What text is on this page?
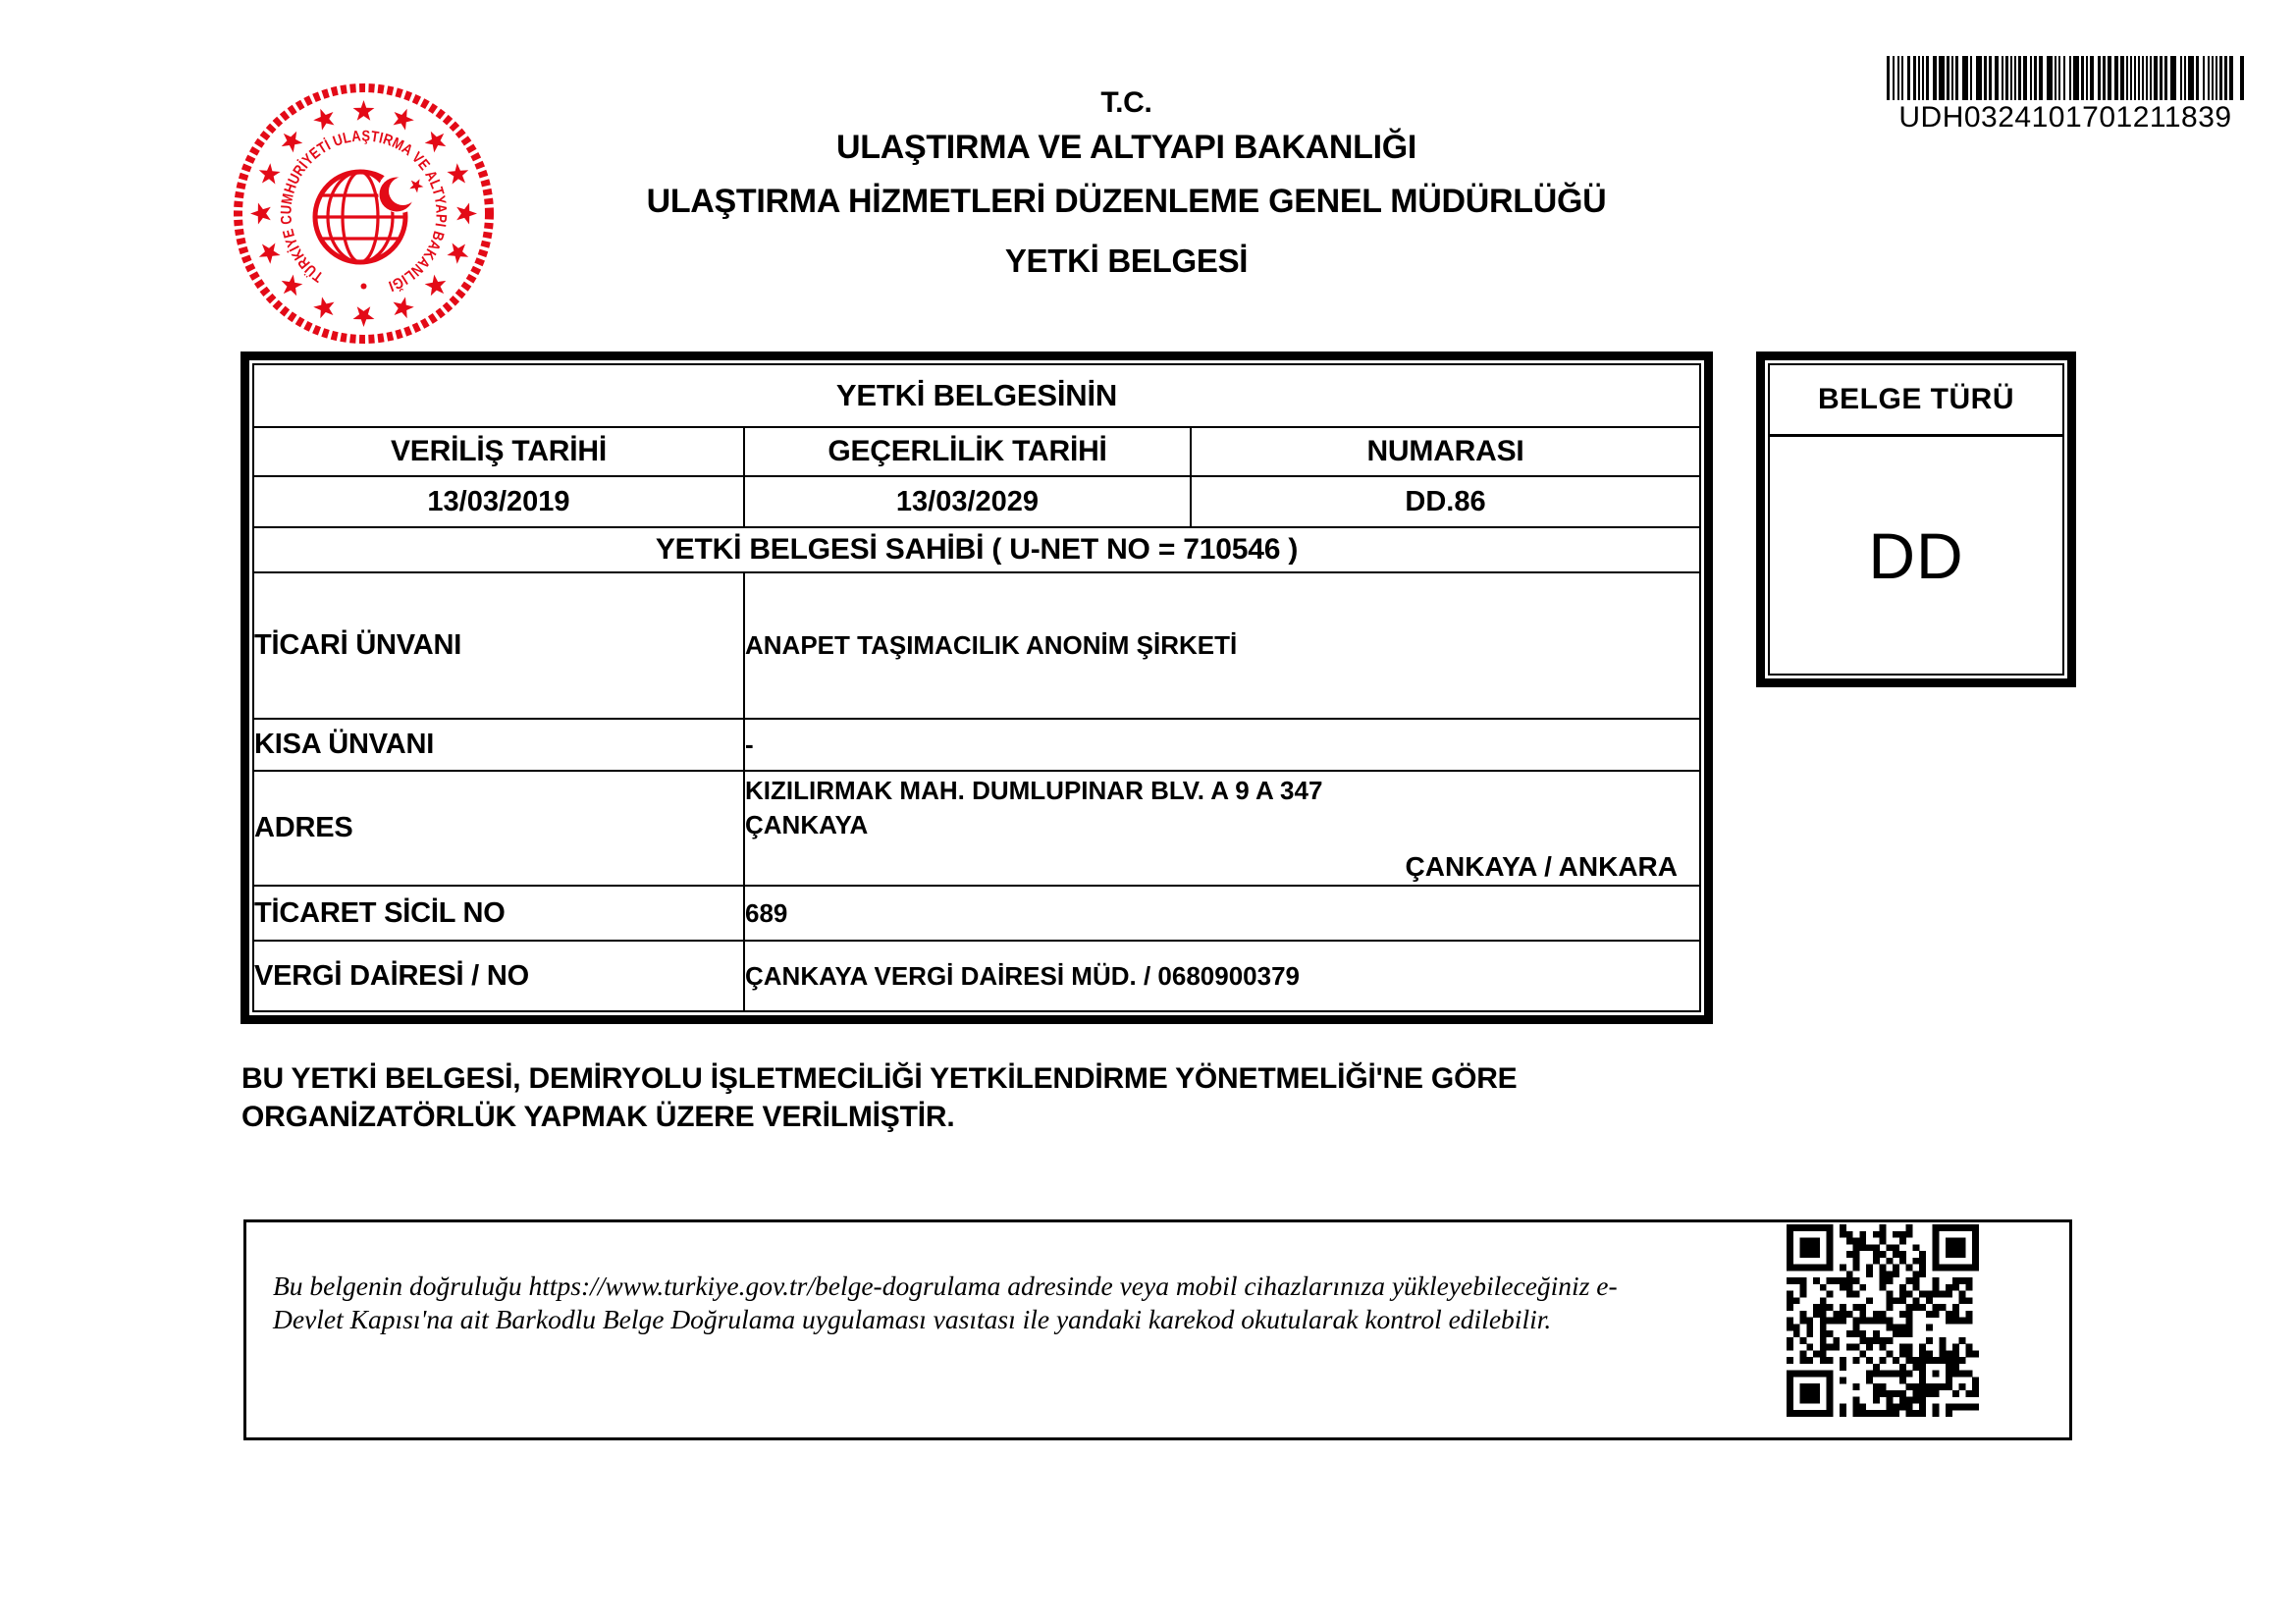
TÜRKİYE CUMHURİYETİ ULAŞTIRMA VE ALTYAPI BAKANLIĞI
T.C.
ULAŞTIRMA VE ALTYAPI BAKANLIĞI
ULAŞTIRMA HİZMETLERİ DÜZENLEME GENEL MÜDÜRLÜĞÜ
YETKİ BELGESİ
UDH0324101701211839
YETKİ BELGESİNİN		
VERİLİŞ TARİHİ	GEÇERLİLİK TARİHİ	NUMARASI
13/03/2019	13/03/2029	DD.86
YETKİ BELGESİ SAHİBİ ( U-NET NO = 710546 )		
TİCARİ ÜNVANI	ANAPET TAŞIMACILIK ANONİM ŞİRKETİ	
KISA ÜNVANI	-	
ADRES	KIZILIRMAK MAH. DUMLUPINAR BLV. A 9 A 347
ÇANKAYA
ÇANKAYA / ANKARA	

TİCARET SİCİL NO	689	
VERGİ DAİRESİ / NO	ÇANKAYA VERGİ DAİRESİ MÜD. / 0680900379	
BELGE TÜRÜ
DD
BU YETKİ BELGESİ, DEMİRYOLU İŞLETMECİLİĞİ YETKİLENDİRME YÖNETMELİĞİ'NE GÖRE
ORGANİZATÖRLÜK YAPMAK ÜZERE VERİLMİŞTİR.
Bu belgenin doğruluğu https://www.turkiye.gov.tr/belge-dogrulama adresinde veya mobil cihazlarınıza yükleyebileceğiniz e-Devlet Kapısı'na ait Barkodlu Belge Doğrulama uygulaması vasıtası ile yandaki karekod okutularak kontrol edilebilir.
